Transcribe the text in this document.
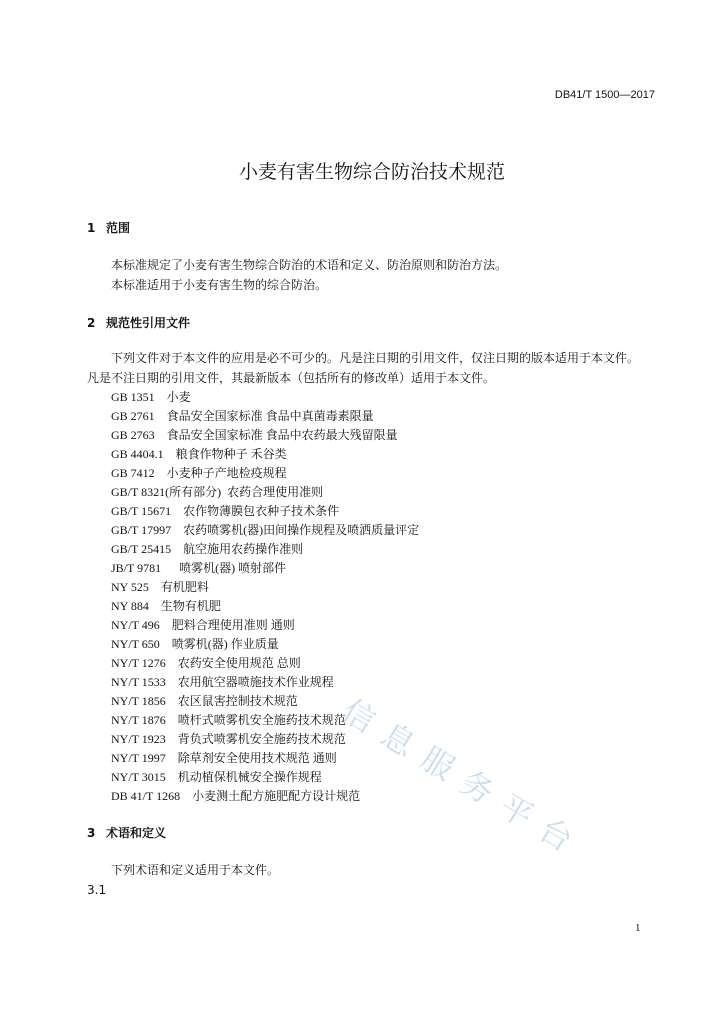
信息服务平台
DB41/T 1500—2017
小麦有害生物综合防治技术规范
1 范围
本标准规定了小麦有害生物综合防治的术语和定义、防治原则和防治方法。
本标准适用于小麦有害生物的综合防治。
2 规范性引用文件
下列文件对于本文件的应用是必不可少的。凡是注日期的引用文件，仅注日期的版本适用于本文件。
凡是不注日期的引用文件，其最新版本（包括所有的修改单）适用于本文件。
GB 1351 小麦
GB 2761 食品安全国家标准 食品中真菌毒素限量
GB 2763 食品安全国家标准 食品中农药最大残留限量
GB 4404.1 粮食作物种子 禾谷类
GB 7412 小麦种子产地检疫规程
GB/T 8321(所有部分) 农药合理使用准则
GB/T 15671 农作物薄膜包衣种子技术条件
GB/T 17997 农药喷雾机(器)田间操作规程及喷洒质量评定
GB/T 25415 航空施用农药操作准则
JB/T 9781 喷雾机(器) 喷射部件
NY 525 有机肥料
NY 884 生物有机肥
NY/T 496 肥料合理使用准则 通则
NY/T 650 喷雾机(器) 作业质量
NY/T 1276 农药安全使用规范 总则
NY/T 1533 农用航空器喷施技术作业规程
NY/T 1856 农区鼠害控制技术规范
NY/T 1876 喷杆式喷雾机安全施药技术规范
NY/T 1923 背负式喷雾机安全施药技术规范
NY/T 1997 除草剂安全使用技术规范 通则
NY/T 3015 机动植保机械安全操作规程
DB 41/T 1268 小麦测土配方施肥配方设计规范
3 术语和定义
下列术语和定义适用于本文件。
3.1
1
